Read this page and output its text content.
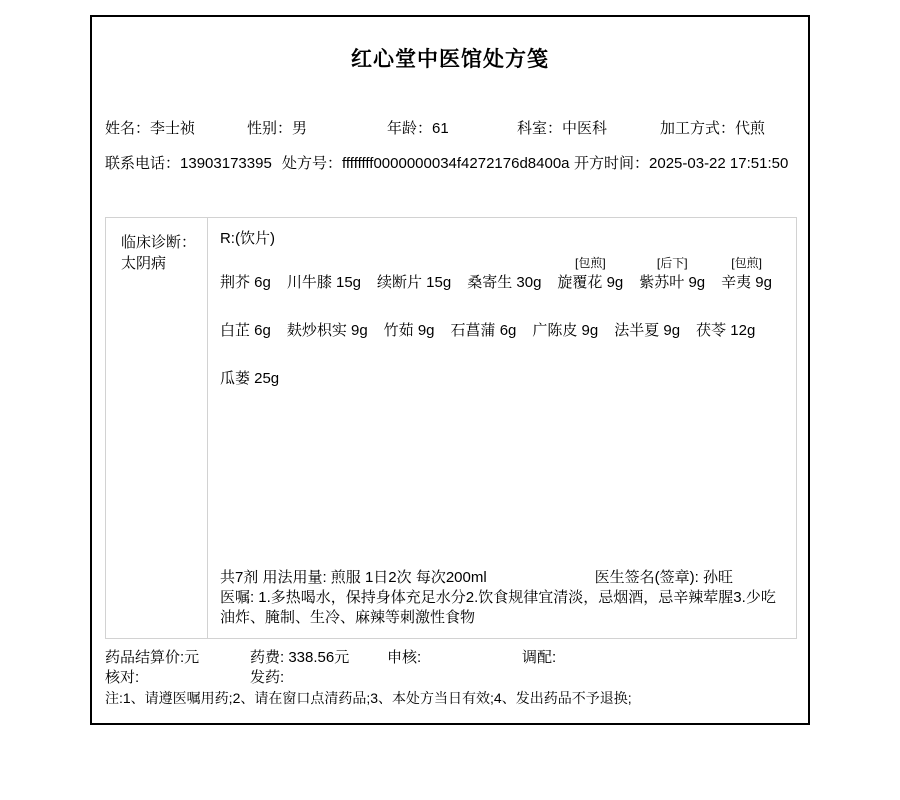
红心堂中医馆处方笺
姓名：李士祯	性别：男	年龄：61	科室：中医科	加工方式：代煎
联系电话：13903173395 处方号：ffffffff0000000034f4272176d8400a 开方时间：2025-03-22 17:51:50
临床诊断：太阴病
R:(饮片)

荆芥 6g
川牛膝 15g
续断片 15g
桑寄生 30g
[包煎]
旋覆花 9g
[后下]
紫苏叶 9g
[包煎]
辛夷 9g

白芷 6g
麸炒枳实 9g
竹茹 9g
石菖蒲 6g
广陈皮 9g
法半夏 9g
茯苓 12g

瓜蒌 25g
共7剂 用法用量: 煎服 1日2次 每次200ml	医生签名(签章): 孙旺
医嘱: 1.多热喝水，保持身体充足水分2.饮食规律宜清淡，忌烟酒，忌辛辣荤腥3.少吃油炸、腌制、生冷、麻辣等刺激性食物
药品结算价:元	药费: 338.56元	申核:	调配:
核对:	发药:
注:1、请遵医嘱用药;2、请在窗口点清药品;3、本处方当日有效;4、发出药品不予退换;
